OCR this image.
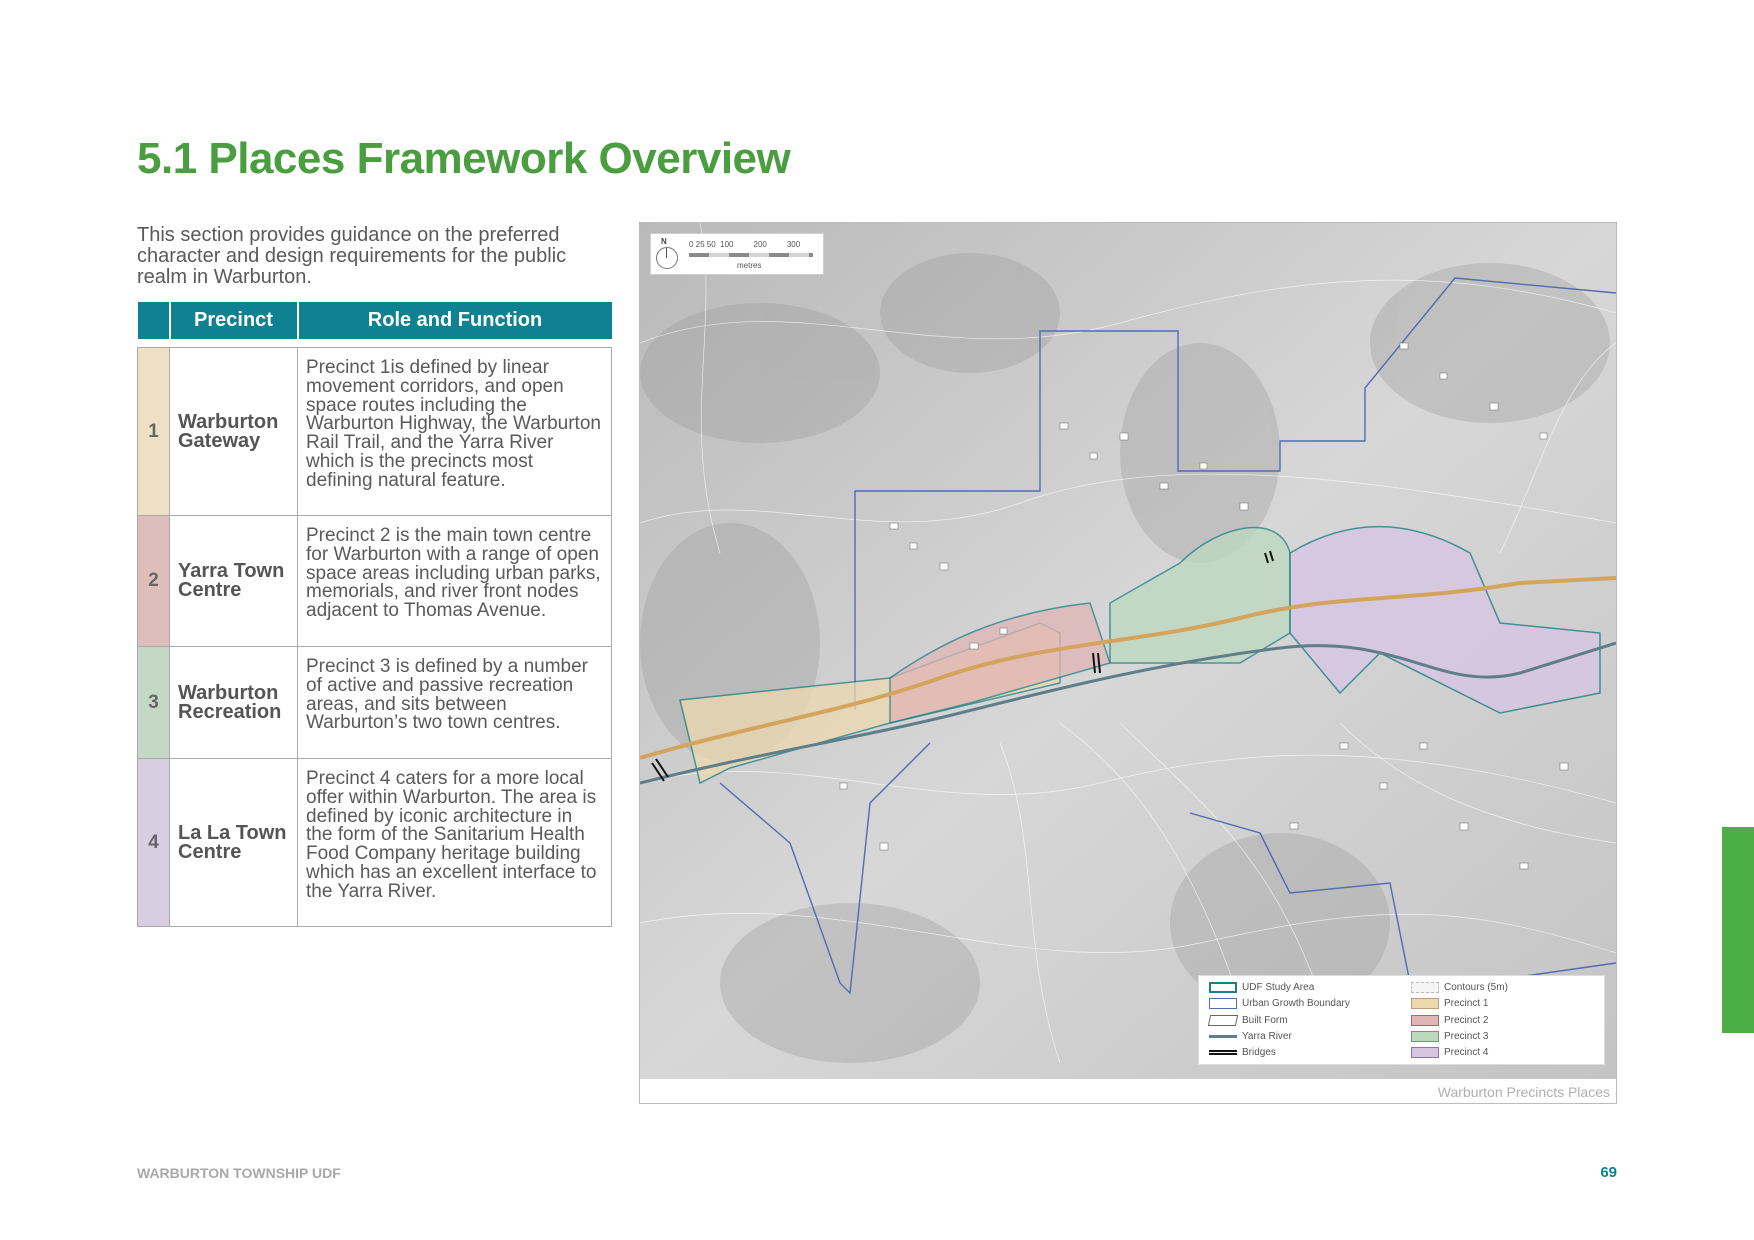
5.1 Places Framework Overview

This section provides guidance on the preferred character and design requirements for the public realm in Warburton.

	Precinct	Role and Function

1	Warburton Gateway	Precinct 1is defined by linear movement corridors, and open space routes including the Warburton Highway, the Warburton Rail Trail, and the Yarra River which is the precincts most defining natural feature.
2	Yarra Town Centre	Precinct 2 is the main town centre for Warburton with a range of open space areas including urban parks, memorials, and river front nodes adjacent to Thomas Avenue.
3	Warburton Recreation	Precinct 3 is defined by a number of active and passive recreation areas, and sits between Warburton’s two town centres.
4	La La Town Centre	Precinct 4 caters for a more local offer within Warburton. The area is defined by iconic architecture in the form of the Sanitarium Health Food Company heritage building which has an excellent interface to the Yarra River.
N	0 25 50  100         200         300
metres
UDF Study Area
Urban Growth Boundary
Built Form
Yarra River
Bridges
Contours (5m)
Precinct 1
Precinct 2
Precinct 3
Precinct 4
Warburton Precincts Places
WARBURTON TOWNSHIP UDF	69
